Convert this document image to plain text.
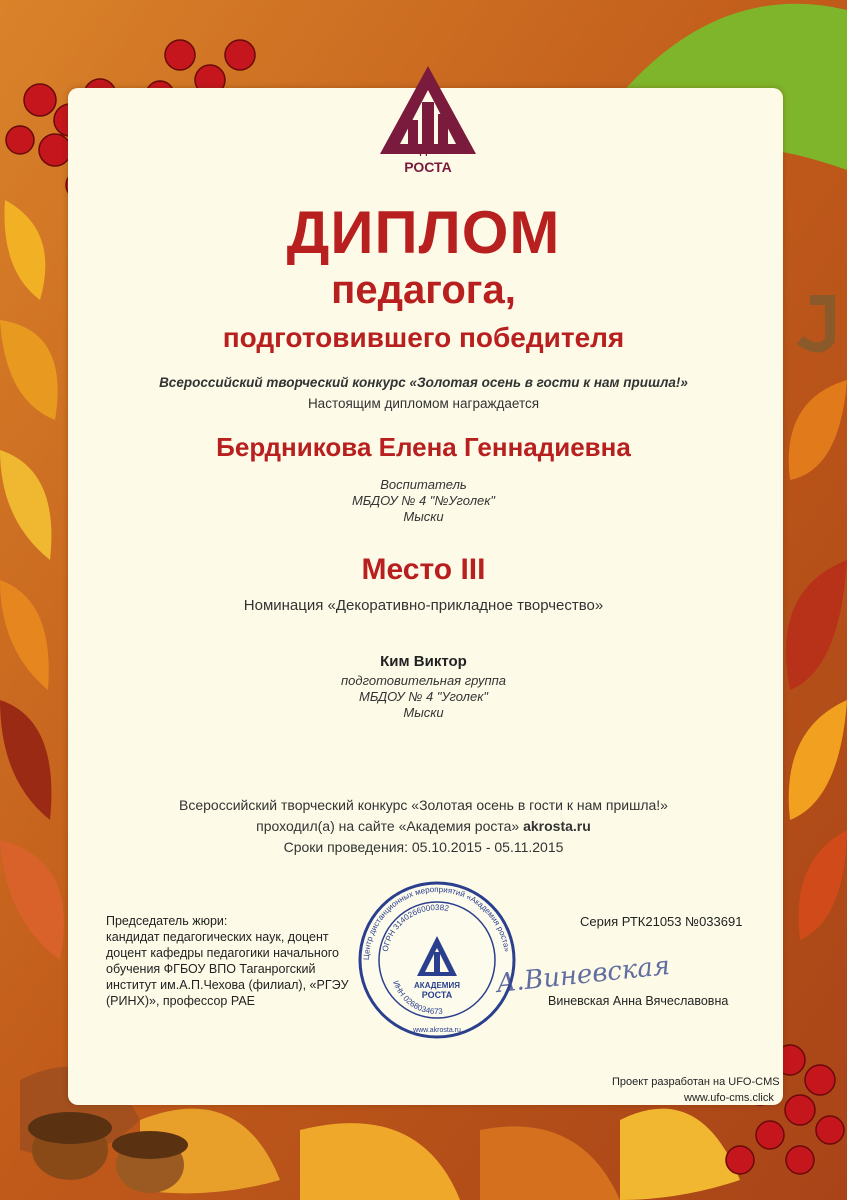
АКАДЕМИЯ
РОСТА
ДИПЛОМ
педагога,
подготовившего победителя
Всероссийский творческий конкурс «Золотая осень в гости к нам пришла!»
Настоящим дипломом награждается
Бердникова Елена Геннадиевна
Воспитатель
МБДОУ № 4 "№Уголек"
Мыски
Место III
Номинация «Декоративно-прикладное творчество»
Ким Виктор
подготовительная группа
МБДОУ № 4 "Уголек"
Мыски
Всероссийский творческий конкурс «Золотая осень в гости к нам пришла!»
проходил(а) на сайте «Академия роста» akrosta.ru
Сроки проведения: 05.10.2015 - 05.11.2015
Председатель жюри:
кандидат педагогических наук, доцент
доцент кафедры педагогики начального
обучения ФГБОУ ВПО Таганрогский
институт им.А.П.Чехова (филиал), «РГЭУ
(РИНХ)», профессор РАЕ
Серия РТК21053 №033691
Центр дистанционных мероприятий «Академия роста»
ОГРН 3140266000382
ИНН 0268034673
АКАДЕМИЯ
РОСТА
www.akrosta.ru
А.Виневская
Виневская Анна Вячеславовна
Проект разработан на UFO-CMS
www.ufo-cms.click
